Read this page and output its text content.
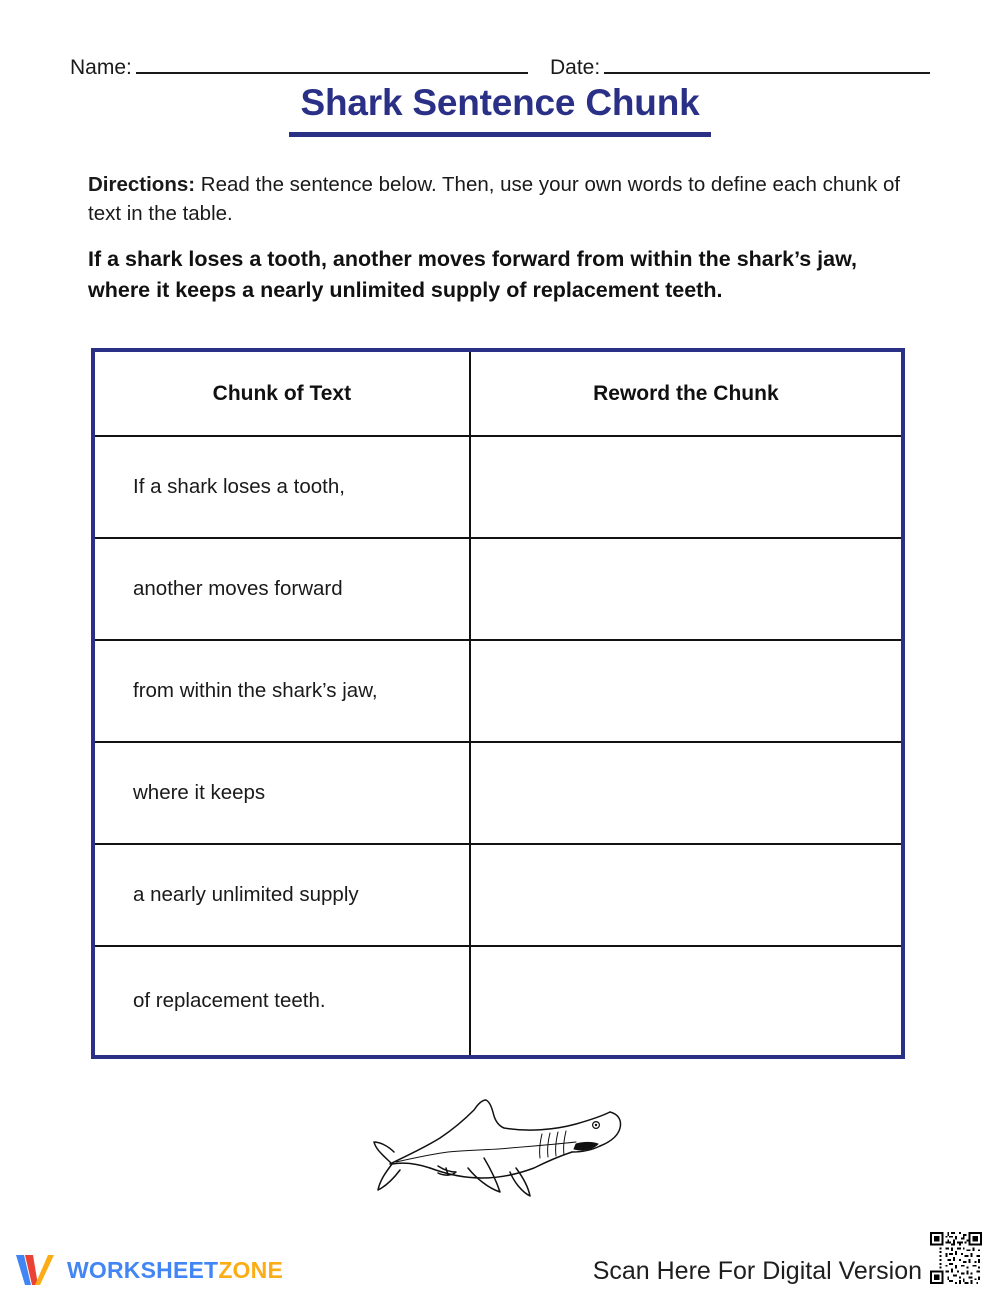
Name:	Date:
Shark Sentence Chunk
Directions: Read the sentence below. Then, use your own words to define each chunk of text in the table.
If a shark loses a tooth, another moves forward from within the shark’s jaw, where it keeps a nearly unlimited supply of replacement teeth.
Chunk of Text	Reword the Chunk
If a shark loses a tooth,	
another moves forward	
from within the shark’s jaw,	
where it keeps	
a nearly unlimited supply	
of replacement teeth.	
WORKSHEETZONE	Scan Here For Digital Version
